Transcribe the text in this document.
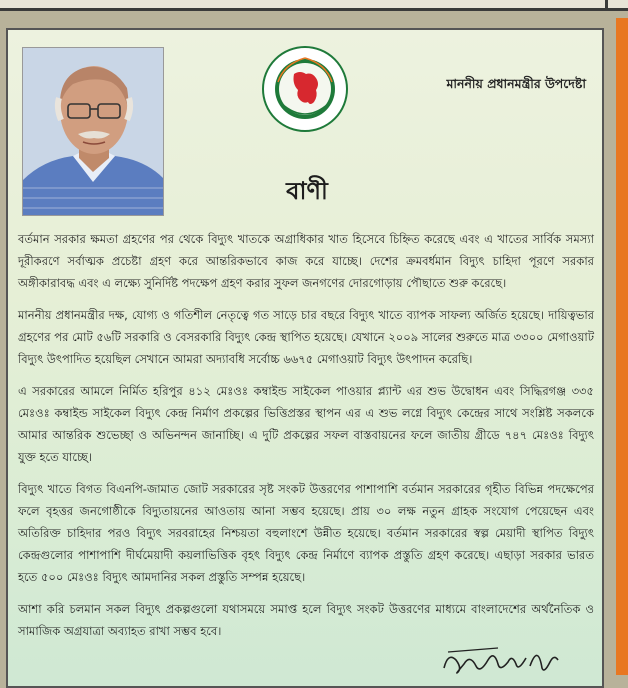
মাননীয় প্রধানমন্ত্রীর উপদেষ্টা
বাণী

বর্তমান সরকার ক্ষমতা গ্রহণের পর থেকে বিদ্যুৎ খাতকে অগ্রাধিকার খাত হিসেবে চিহ্নিত করেছে এবং এ খাতের সার্বিক সমস্যা দূরীকরণে সর্বাত্মক প্রচেষ্টা গ্রহণ করে আন্তরিকভাবে কাজ করে যাচ্ছে। দেশের ক্রমবর্ধমান বিদ্যুৎ চাহিদা পূরণে সরকার অঙ্গীকারাবদ্ধ এবং এ লক্ষ্যে সুনির্দিষ্ট পদক্ষেপ গ্রহণ করার সুফল জনগণের দোরগোড়ায় পৌছাতে শুরু করেছে।

মাননীয় প্রধানমন্ত্রীর দক্ষ, যোগ্য ও গতিশীল নেতৃত্বে গত সাড়ে চার বছরে বিদ্যুৎ খাতে ব্যাপক সাফল্য অর্জিত হয়েছে। দায়িত্বভার গ্রহণের পর মোট ৫৬টি সরকারি ও বেসরকারি বিদ্যুৎ কেন্দ্র স্থাপিত হয়েছে। যেখানে ২০০৯ সালের শুরুতে মাত্র ৩৩০০ মেগাওয়াট বিদ্যুৎ উৎপাদিত হয়েছিল সেখানে আমরা অদ্যাবধি সর্বোচ্চ ৬৬৭৫ মেগাওয়াট বিদ্যুৎ উৎপাদন করেছি।

এ সরকারের আমলে নির্মিত হরিপুর ৪১২ মেঃওঃ কম্বাইন্ড সাইকেল পাওয়ার প্ল্যান্ট এর শুভ উদ্বোধন এবং সিদ্ধিরগঞ্জ ৩৩৫ মেঃওঃ কম্বাইন্ড সাইকেল বিদ্যুৎ কেন্দ্র নির্মাণ প্রকল্পের ভিত্তিপ্রস্তর স্থাপন এর এ শুভ লগ্নে বিদ্যুৎ কেন্দ্রের সাথে সংশ্লিষ্ট সকলকে আমার আন্তরিক শুভেচ্ছা ও অভিনন্দন জানাচ্ছি। এ দুটি প্রকল্পের সফল বাস্তবায়নের ফলে জাতীয় গ্রীডে ৭৪৭ মেঃওঃ বিদ্যুৎ যুক্ত হতে যাচ্ছে।

বিদ্যুৎ খাতে বিগত বিএনপি-জামাত জোট সরকারের সৃষ্ট সংকট উত্তরণের পাশাপাশি বর্তমান সরকারের গৃহীত বিভিন্ন পদক্ষেপের ফলে বৃহত্তর জনগোষ্ঠীকে বিদ্যুতায়নের আওতায় আনা সম্ভব হয়েছে। প্রায় ৩০ লক্ষ নতুন গ্রাহক সংযোগ পেয়েছেন এবং অতিরিক্ত চাহিদার পরও বিদ্যুৎ সরবরাহের নিশ্চয়তা বহুলাংশে উন্নীত হয়েছে। বর্তমান সরকারের স্বল্প মেয়াদী স্থাপিত বিদ্যুৎ কেন্দ্রগুলোর পাশাপাশি দীর্ঘমেয়াদী কয়লাভিত্তিক বৃহৎ বিদ্যুৎ কেন্দ্র নির্মাণে ব্যাপক প্রস্তুতি গ্রহণ করেছে। এছাড়া সরকার ভারত হতে ৫০০ মেঃওঃ বিদ্যুৎ আমদানির সকল প্রস্তুতি সম্পন্ন হয়েছে।

আশা করি চলমান সকল বিদ্যুৎ প্রকল্পগুলো যথাসময়ে সমাপ্ত হলে বিদ্যুৎ সংকট উত্তরণের মাধ্যমে বাংলাদেশের অর্থনৈতিক ও সামাজিক অগ্রযাত্রা অব্যাহত রাখা সম্ভব হবে।
